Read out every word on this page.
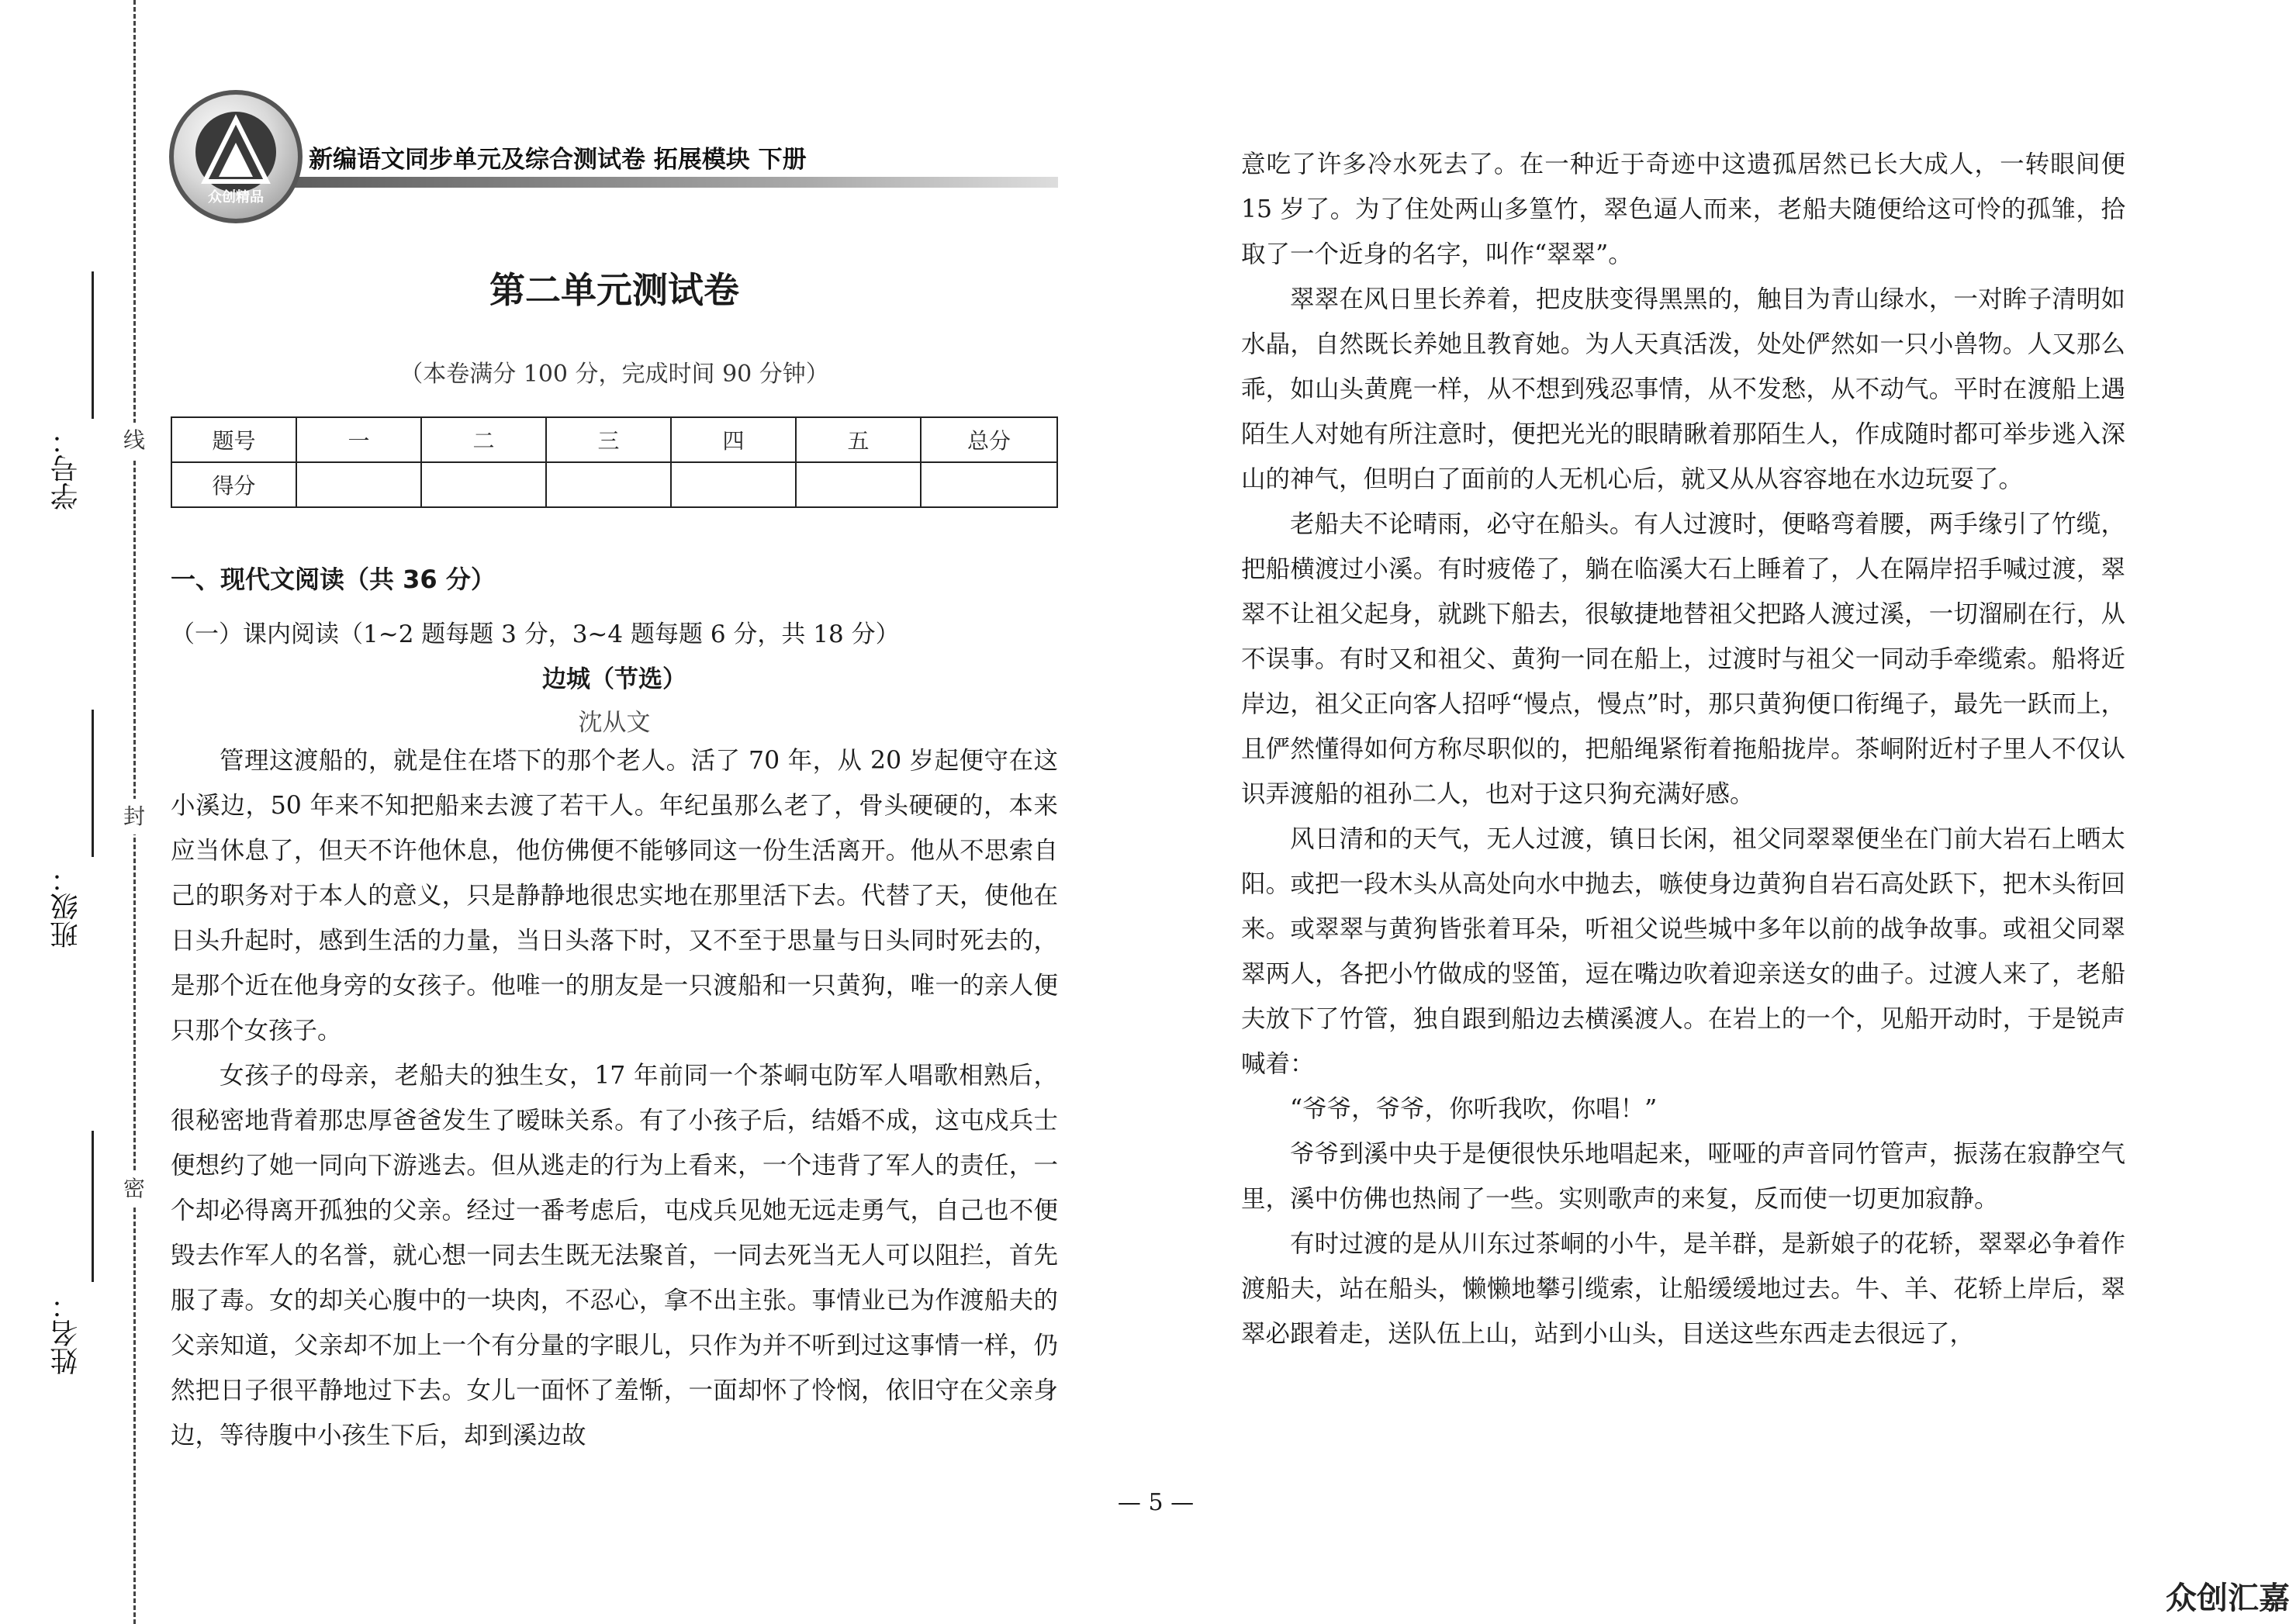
线
封
密
学号：
班级：
姓名：
众创精品
新编语文同步单元及综合测试卷 拓展模块 下册
第二单元测试卷
（本卷满分 100 分，完成时间 90 分钟）
题号	一	二	三	四	五	总分
得分						
一、现代文阅读（共 36 分）
（一）课内阅读（1~2 题每题 3 分，3~4 题每题 6 分，共 18 分）
边城（节选）
沈从文

管理这渡船的，就是住在塔下的那个老人。活了 70 年，从 20 岁起便守在这小溪边，50 年来不知把船来去渡了若干人。年纪虽那么老了，骨头硬硬的，本来应当休息了，但天不许他休息，他仿佛便不能够同这一份生活离开。他从不思索自己的职务对于本人的意义，只是静静地很忠实地在那里活下去。代替了天，使他在日头升起时，感到生活的力量，当日头落下时，又不至于思量与日头同时死去的，是那个近在他身旁的女孩子。他唯一的朋友是一只渡船和一只黄狗，唯一的亲人便只那个女孩子。

女孩子的母亲，老船夫的独生女，17 年前同一个茶峒屯防军人唱歌相熟后，很秘密地背着那忠厚爸爸发生了暧昧关系。有了小孩子后，结婚不成，这屯戍兵士便想约了她一同向下游逃去。但从逃走的行为上看来，一个违背了军人的责任，一个却必得离开孤独的父亲。经过一番考虑后，屯戍兵见她无远走勇气，自己也不便毁去作军人的名誉，就心想一同去生既无法聚首，一同去死当无人可以阻拦，首先服了毒。女的却关心腹中的一块肉，不忍心，拿不出主张。事情业已为作渡船夫的父亲知道，父亲却不加上一个有分量的字眼儿，只作为并不听到过这事情一样，仍然把日子很平静地过下去。女儿一面怀了羞惭，一面却怀了怜悯，依旧守在父亲身边，等待腹中小孩生下后，却到溪边故

意吃了许多冷水死去了。在一种近于奇迹中这遗孤居然已长大成人，一转眼间便 15 岁了。为了住处两山多篁竹，翠色逼人而来，老船夫随便给这可怜的孤雏，拾取了一个近身的名字，叫作“翠翠”。

翠翠在风日里长养着，把皮肤变得黑黑的，触目为青山绿水，一对眸子清明如水晶，自然既长养她且教育她。为人天真活泼，处处俨然如一只小兽物。人又那么乖，如山头黄麂一样，从不想到残忍事情，从不发愁，从不动气。平时在渡船上遇陌生人对她有所注意时，便把光光的眼睛瞅着那陌生人，作成随时都可举步逃入深山的神气，但明白了面前的人无机心后，就又从从容容地在水边玩耍了。

老船夫不论晴雨，必守在船头。有人过渡时，便略弯着腰，两手缘引了竹缆，把船横渡过小溪。有时疲倦了，躺在临溪大石上睡着了，人在隔岸招手喊过渡，翠翠不让祖父起身，就跳下船去，很敏捷地替祖父把路人渡过溪，一切溜刷在行，从不误事。有时又和祖父、黄狗一同在船上，过渡时与祖父一同动手牵缆索。船将近岸边，祖父正向客人招呼“慢点，慢点”时，那只黄狗便口衔绳子，最先一跃而上，且俨然懂得如何方称尽职似的，把船绳紧衔着拖船拢岸。茶峒附近村子里人不仅认识弄渡船的祖孙二人，也对于这只狗充满好感。

风日清和的天气，无人过渡，镇日长闲，祖父同翠翠便坐在门前大岩石上晒太阳。或把一段木头从高处向水中抛去，嗾使身边黄狗自岩石高处跃下，把木头衔回来。或翠翠与黄狗皆张着耳朵，听祖父说些城中多年以前的战争故事。或祖父同翠翠两人，各把小竹做成的竖笛，逗在嘴边吹着迎亲送女的曲子。过渡人来了，老船夫放下了竹管，独自跟到船边去横溪渡人。在岩上的一个，见船开动时，于是锐声喊着：

“爷爷，爷爷，你听我吹，你唱！”

爷爷到溪中央于是便很快乐地唱起来，哑哑的声音同竹管声，振荡在寂静空气里，溪中仿佛也热闹了一些。实则歌声的来复，反而使一切更加寂静。

有时过渡的是从川东过茶峒的小牛，是羊群，是新娘子的花轿，翠翠必争着作渡船夫，站在船头，懒懒地攀引缆索，让船缓缓地过去。牛、羊、花轿上岸后，翠翠必跟着走，送队伍上山，站到小山头，目送这些东西走去很远了，

— 5 —
众创汇嘉
